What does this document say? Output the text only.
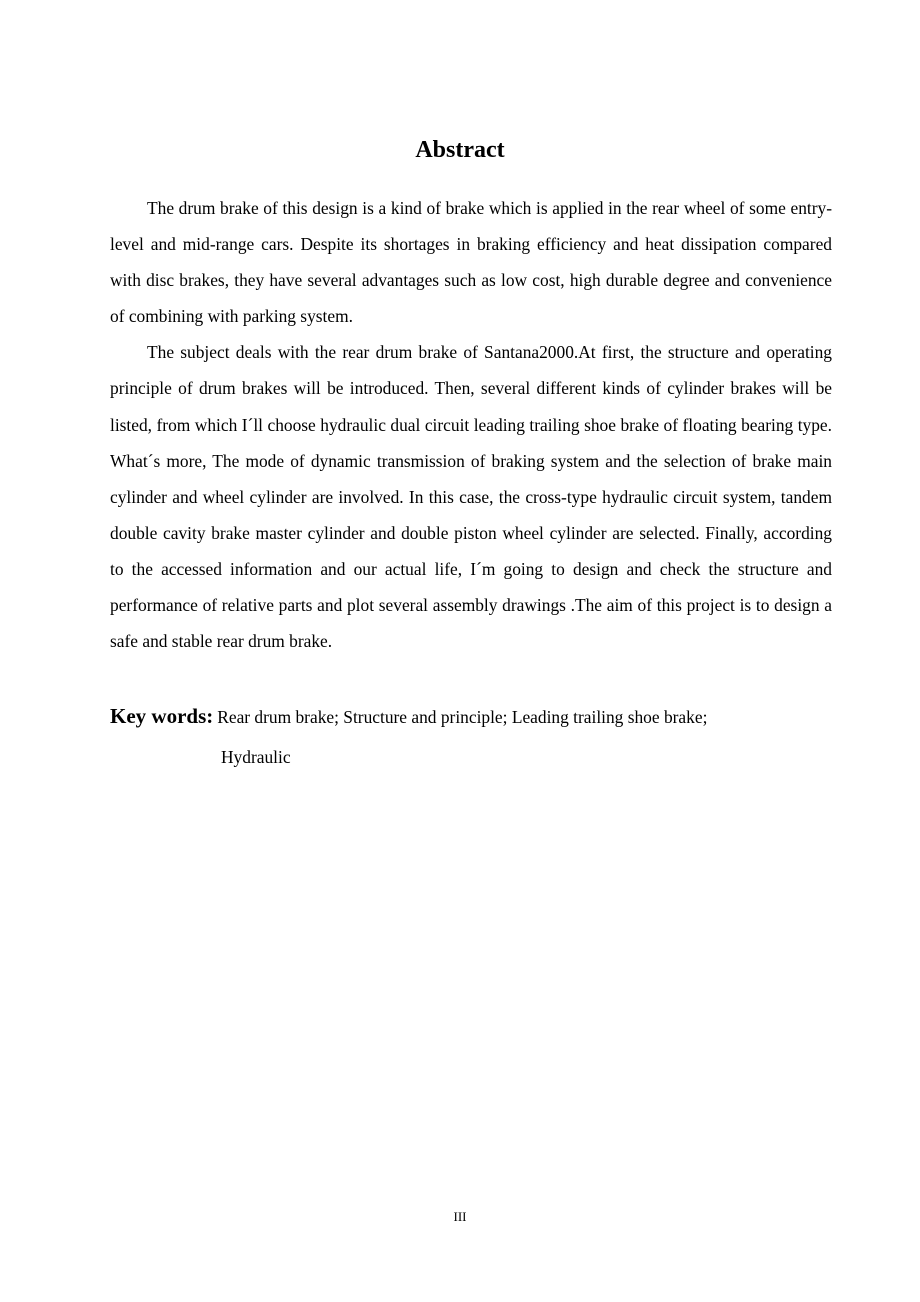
Abstract

The drum brake of this design is a kind of brake which is applied in the rear wheel of some entry-level and mid-range cars. Despite its shortages in braking efficiency and heat dissipation compared with disc brakes, they have several advantages such as low cost, high durable degree and convenience of combining with parking system.

The subject deals with the rear drum brake of Santana2000.At first, the structure and operating principle of drum brakes will be introduced. Then, several different kinds of cylinder brakes will be listed, from which I´ll choose hydraulic dual circuit leading trailing shoe brake of floating bearing type. What´s more, The mode of dynamic transmission of braking system and the selection of brake main cylinder and wheel cylinder are involved. In this case, the cross-type hydraulic circuit system, tandem double cavity brake master cylinder and double piston wheel cylinder are selected. Finally, according to the accessed information and our actual life, I´m going to design and check the structure and performance of relative parts and plot several assembly drawings .The aim of this project is to design a safe and stable rear drum brake.

Key words: Rear drum brake; Structure and principle; Leading trailing shoe brake;
Hydraulic
III
